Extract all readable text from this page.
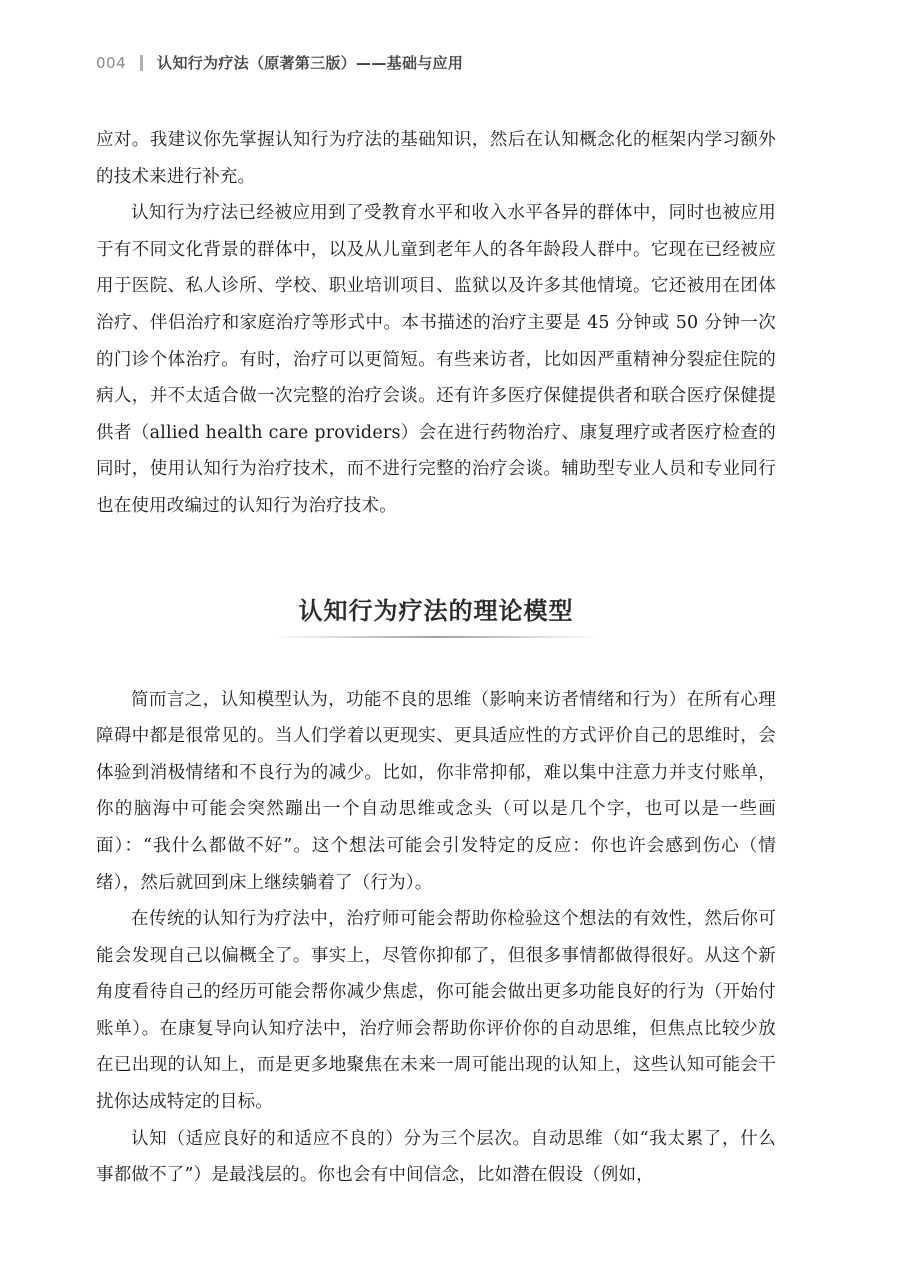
004 认知行为疗法（原著第三版）——基础与应用

应对。我建议你先掌握认知行为疗法的基础知识，然后在认知概念化的框架内学习额外的技术来进行补充。

认知行为疗法已经被应用到了受教育水平和收入水平各异的群体中，同时也被应用于有不同文化背景的群体中，以及从儿童到老年人的各年龄段人群中。它现在已经被应用于医院、私人诊所、学校、职业培训项目、监狱以及许多其他情境。它还被用在团体治疗、伴侣治疗和家庭治疗等形式中。本书描述的治疗主要是 45 分钟或 50 分钟一次的门诊个体治疗。有时，治疗可以更简短。有些来访者，比如因严重精神分裂症住院的病人，并不太适合做一次完整的治疗会谈。还有许多医疗保健提供者和联合医疗保健提供者（allied health care providers）会在进行药物治疗、康复理疗或者医疗检查的同时，使用认知行为治疗技术，而不进行完整的治疗会谈。辅助型专业人员和专业同行也在使用改编过的认知行为治疗技术。

认知行为疗法的理论模型

简而言之，认知模型认为，功能不良的思维（影响来访者情绪和行为）在所有心理障碍中都是很常见的。当人们学着以更现实、更具适应性的方式评价自己的思维时，会体验到消极情绪和不良行为的减少。比如，你非常抑郁，难以集中注意力并支付账单，你的脑海中可能会突然蹦出一个自动思维或念头（可以是几个字，也可以是一些画面）：“我什么都做不好”。这个想法可能会引发特定的反应：你也许会感到伤心（情绪），然后就回到床上继续躺着了（行为）。

在传统的认知行为疗法中，治疗师可能会帮助你检验这个想法的有效性，然后你可能会发现自己以偏概全了。事实上，尽管你抑郁了，但很多事情都做得很好。从这个新角度看待自己的经历可能会帮你减少焦虑，你可能会做出更多功能良好的行为（开始付账单）。在康复导向认知疗法中，治疗师会帮助你评价你的自动思维，但焦点比较少放在已出现的认知上，而是更多地聚焦在未来一周可能出现的认知上，这些认知可能会干扰你达成特定的目标。

认知（适应良好的和适应不良的）分为三个层次。自动思维（如“我太累了，什么事都做不了”）是最浅层的。你也会有中间信念，比如潜在假设（例如，
